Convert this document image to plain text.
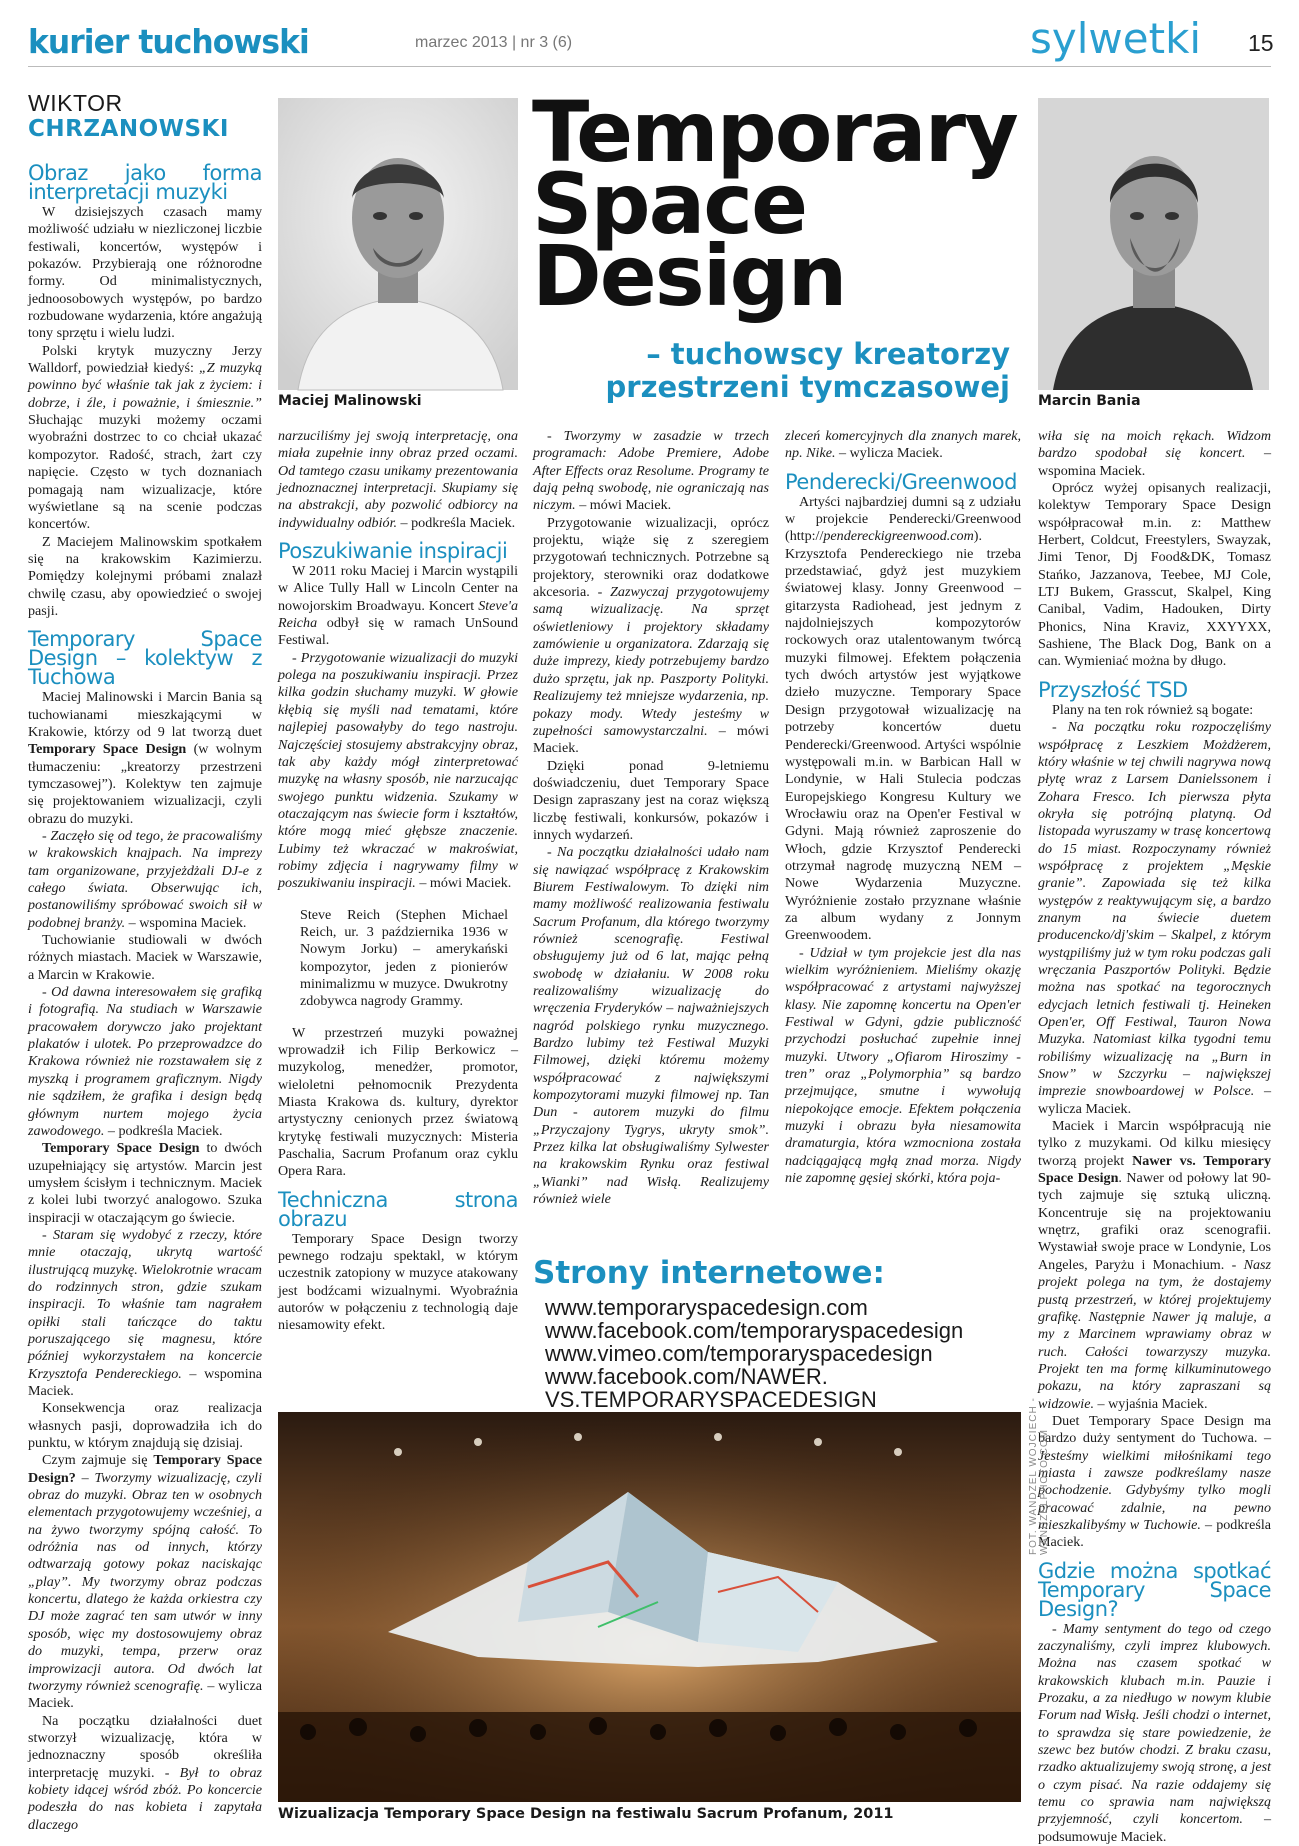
kurier tuchowski	marzec 2013 | nr 3 (6)	sylwetki 15
WIKTOR
CHRZANOWSKI
Maciej Malinowski	Marcin Bania
Temporary
Space
Design
– tuchowscy kreatorzy przestrzeni tymczasowej
Obraz jako forma interpretacji muzyki

W dzisiejszych czasach mamy możliwość udziału w niezliczonej liczbie festiwali, koncertów, występów i pokazów. Przybierają one różnorodne formy. Od minimalistycznych, jednoosobowych występów, po bardzo rozbudowane wydarzenia, które angażują tony sprzętu i wielu ludzi.

Polski krytyk muzyczny Jerzy Walldorf, powiedział kiedyś: „Z muzyką powinno być właśnie tak jak z życiem: i dobrze, i źle, i poważnie, i śmiesznie.” Słuchając muzyki możemy oczami wyobraźni dostrzec to co chciał ukazać kompozytor. Radość, strach, żart czy napięcie. Często w tych doznaniach pomagają nam wizualizacje, które wyświetlane są na scenie podczas koncertów.

Z Maciejem Malinowskim spotkałem się na krakowskim Kazimierzu. Pomiędzy kolejnymi próbami znalazł chwilę czasu, aby opowiedzieć o swojej pasji.

Temporary Space Design – kolektyw z Tuchowa

Maciej Malinowski i Marcin Bania są tuchowianami mieszkającymi w Krakowie, którzy od 9 lat tworzą duet Temporary Space Design (w wolnym tłumaczeniu: „kreatorzy przestrzeni tymczasowej”). Kolektyw ten zajmuje się projektowaniem wizualizacji, czyli obrazu do muzyki.

- Zaczęło się od tego, że pracowaliśmy w krakowskich knajpach. Na imprezy tam organizowane, przyjeżdżali DJ-e z całego świata. Obserwując ich, postanowiliśmy spróbować swoich sił w podobnej branży. – wspomina Maciek.

Tuchowianie studiowali w dwóch różnych miastach. Maciek w Warszawie, a Marcin w Krakowie.

- Od dawna interesowałem się grafiką i fotografią. Na studiach w Warszawie pracowałem dorywczo jako projektant plakatów i ulotek. Po przeprowadzce do Krakowa również nie rozstawałem się z myszką i programem graficznym. Nigdy nie sądziłem, że grafika i design będą głównym nurtem mojego życia zawodowego. – podkreśla Maciek.

Temporary Space Design to dwóch uzupełniający się artystów. Marcin jest umysłem ścisłym i technicznym. Maciek z kolei lubi tworzyć analogowo. Szuka inspiracji w otaczającym go świecie.

- Staram się wydobyć z rzeczy, które mnie otaczają, ukrytą wartość ilustrującą muzykę. Wielokrotnie wracam do rodzinnych stron, gdzie szukam inspiracji. To właśnie tam nagrałem opiłki stali tańczące do taktu poruszającego się magnesu, które później wykorzystałem na koncercie Krzysztofa Pendereckiego. – wspomina Maciek.

Konsekwencja oraz realizacja własnych pasji, doprowadziła ich do punktu, w którym znajdują się dzisiaj.

Czym zajmuje się Temporary Space Design? – Tworzymy wizualizację, czyli obraz do muzyki. Obraz ten w osobnych elementach przygotowujemy wcześniej, a na żywo tworzymy spójną całość. To odróżnia nas od innych, którzy odtwarzają gotowy pokaz naciskając „play”. My tworzymy obraz podczas koncertu, dlatego że każda orkiestra czy DJ może zagrać ten sam utwór w inny sposób, więc my dostosowujemy obraz do muzyki, tempa, przerw oraz improwizacji autora. Od dwóch lat tworzymy również scenografię. – wylicza Maciek.

Na początku działalności duet stworzył wizualizację, która w jednoznaczny sposób określiła interpretację muzyki. - Był to obraz kobiety idącej wśród zbóż. Po koncercie podeszła do nas kobieta i zapytała dlaczego

narzuciliśmy jej swoją interpretację, ona miała zupełnie inny obraz przed oczami. Od tamtego czasu unikamy prezentowania jednoznacznej interpretacji. Skupiamy się na abstrakcji, aby pozwolić odbiorcy na indywidualny odbiór. – podkreśla Maciek.

Poszukiwanie inspiracji

W 2011 roku Maciej i Marcin wystąpili w Alice Tully Hall w Lincoln Center na nowojorskim Broadwayu. Koncert Steve'a Reicha odbył się w ramach UnSound Festiwal.

- Przygotowanie wizualizacji do muzyki polega na poszukiwaniu inspiracji. Przez kilka godzin słuchamy muzyki. W głowie kłębią się myśli nad tematami, które najlepiej pasowałyby do tego nastroju. Najczęściej stosujemy abstrakcyjny obraz, tak aby każdy mógł zinterpretować muzykę na własny sposób, nie narzucając swojego punktu widzenia. Szukamy w otaczającym nas świecie form i kształtów, które mogą mieć głębsze znaczenie. Lubimy też wkraczać w makroświat, robimy zdjęcia i nagrywamy filmy w poszukiwaniu inspiracji. – mówi Maciek.

Steve Reich (Stephen Michael Reich, ur. 3 października 1936 w Nowym Jorku) – amerykański kompozytor, jeden z pionierów minimalizmu w muzyce. Dwukrotny zdobywca nagrody Grammy.

W przestrzeń muzyki poważnej wprowadził ich Filip Berkowicz – muzykolog, menedżer, promotor, wieloletni pełnomocnik Prezydenta Miasta Krakowa ds. kultury, dyrektor artystyczny cenionych przez światową krytykę festiwali muzycznych: Misteria Paschalia, Sacrum Profanum oraz cyklu Opera Rara.

Techniczna strona obrazu

Temporary Space Design tworzy pewnego rodzaju spektakl, w którym uczestnik zatopiony w muzyce atakowany jest bodźcami wizualnymi. Wyobraźnia autorów w połączeniu z technologią daje niesamowity efekt.

- Tworzymy w zasadzie w trzech programach: Adobe Premiere, Adobe After Effects oraz Resolume. Programy te dają pełną swobodę, nie ograniczają nas niczym. – mówi Maciek.

Przygotowanie wizualizacji, oprócz projektu, wiąże się z szeregiem przygotowań technicznych. Potrzebne są projektory, sterowniki oraz dodatkowe akcesoria. - Zazwyczaj przygotowujemy samą wizualizację. Na sprzęt oświetleniowy i projektory składamy zamówienie u organizatora. Zdarzają się duże imprezy, kiedy potrzebujemy bardzo dużo sprzętu, jak np. Paszporty Polityki. Realizujemy też mniejsze wydarzenia, np. pokazy mody. Wtedy jesteśmy w zupełności samowystarczalni. – mówi Maciek.

Dzięki ponad 9-letniemu doświadczeniu, duet Temporary Space Design zapraszany jest na coraz większą liczbę festiwali, konkursów, pokazów i innych wydarzeń.

- Na początku działalności udało nam się nawiązać współpracę z Krakowskim Biurem Festiwalowym. To dzięki nim mamy możliwość realizowania festiwalu Sacrum Profanum, dla którego tworzymy również scenografię. Festiwal obsługujemy już od 6 lat, mając pełną swobodę w działaniu. W 2008 roku realizowaliśmy wizualizację do wręczenia Fryderyków – najważniejszych nagród polskiego rynku muzycznego. Bardzo lubimy też Festiwal Muzyki Filmowej, dzięki któremu możemy współpracować z największymi kompozytorami muzyki filmowej np. Tan Dun - autorem muzyki do filmu „Przyczajony Tygrys, ukryty smok”. Przez kilka lat obsługiwaliśmy Sylwester na krakowskim Rynku oraz festiwal „Wianki” nad Wisłą. Realizujemy również wiele

zleceń komercyjnych dla znanych marek, np. Nike. – wylicza Maciek.

Penderecki/Greenwood

Artyści najbardziej dumni są z udziału w projekcie Penderecki/Greenwood (http://pendereckigreenwood.com). Krzysztofa Pendereckiego nie trzeba przedstawiać, gdyż jest muzykiem światowej klasy. Jonny Greenwood – gitarzysta Radiohead, jest jednym z najdolniejszych kompozytorów rockowych oraz utalentowanym twórcą muzyki filmowej. Efektem połączenia tych dwóch artystów jest wyjątkowe dzieło muzyczne. Temporary Space Design przygotował wizualizację na potrzeby koncertów duetu Penderecki/Greenwood. Artyści wspólnie występowali m.in. w Barbican Hall w Londynie, w Hali Stulecia podczas Europejskiego Kongresu Kultury we Wrocławiu oraz na Open'er Festival w Gdyni. Mają również zaproszenie do Włoch, gdzie Krzysztof Penderecki otrzymał nagrodę muzyczną NEM – Nowe Wydarzenia Muzyczne. Wyróżnienie zostało przyznane właśnie za album wydany z Jonnym Greenwoodem.

- Udział w tym projekcie jest dla nas wielkim wyróżnieniem. Mieliśmy okazję współpracować z artystami najwyższej klasy. Nie zapomnę koncertu na Open'er Festiwal w Gdyni, gdzie publiczność przychodzi posłuchać zupełnie innej muzyki. Utwory „Ofiarom Hiroszimy - tren” oraz „Polymorphia” są bardzo przejmujące, smutne i wywołują niepokojące emocje. Efektem połączenia muzyki i obrazu była niesamowita dramaturgia, która wzmocniona została nadciągającą mgłą znad morza. Nigdy nie zapomnę gęsiej skórki, która poja-

wiła się na moich rękach. Widzom bardzo spodobał się koncert. – wspomina Maciek.

Oprócz wyżej opisanych realizacji, kolektyw Temporary Space Design współpracował m.in. z: Matthew Herbert, Coldcut, Freestylers, Swayzak, Jimi Tenor, Dj Food&DK, Tomasz Stańko, Jazzanova, Teebee, MJ Cole, LTJ Bukem, Grasscut, Skalpel, King Canibal, Vadim, Hadouken, Dirty Phonics, Nina Kraviz, XXYYXX, Sashiene, The Black Dog, Bank on a can. Wymieniać można by długo.

Przyszłość TSD

Plany na ten rok również są bogate:

- Na początku roku rozpoczęliśmy współpracę z Leszkiem Możdżerem, który właśnie w tej chwili nagrywa nową płytę wraz z Larsem Danielssonem i Zohara Fresco. Ich pierwsza płyta okryła się potrójną platyną. Od listopada wyruszamy w trasę koncertową do 15 miast. Rozpoczynamy również współpracę z projektem „Męskie granie”. Zapowiada się też kilka występów z reaktywującym się, a bardzo znanym na świecie duetem producencko/dj'skim – Skalpel, z którym wystąpiliśmy już w tym roku podczas gali wręczania Paszportów Polityki. Będzie można nas spotkać na tegorocznych edycjach letnich festiwali tj. Heineken Open'er, Off Festiwal, Tauron Nowa Muzyka. Natomiast kilka tygodni temu robiliśmy wizualizację na „Burn in Snow” w Szczyrku – największej imprezie snowboardowej w Polsce. – wylicza Maciek.

Maciek i Marcin współpracują nie tylko z muzykami. Od kilku miesięcy tworzą projekt Nawer vs. Temporary Space Design. Nawer od połowy lat 90-tych zajmuje się sztuką uliczną. Koncentruje się na projektowaniu wnętrz, grafiki oraz scenografii. Wystawiał swoje prace w Londynie, Los Angeles, Paryżu i Monachium. - Nasz projekt polega na tym, że dostajemy pustą przestrzeń, w której projektujemy grafikę. Następnie Nawer ją maluje, a my z Marcinem wprawiamy obraz w ruch. Całości towarzyszy muzyka. Projekt ten ma formę kilkuminutowego pokazu, na który zapraszani są widzowie. – wyjaśnia Maciek.

Duet Temporary Space Design ma bardzo duży sentyment do Tuchowa. – Jesteśmy wielkimi miłośnikami tego miasta i zawsze podkreślamy nasze pochodzenie. Gdybyśmy tylko mogli pracować zdalnie, na pewno mieszkalibyśmy w Tuchowie. – podkreśla Maciek.

Gdzie można spotkać Temporary Space Design?

- Mamy sentyment do tego od czego zaczynaliśmy, czyli imprez klubowych. Można nas czasem spotkać w krakowskich klubach m.in. Pauzie i Prozaku, a za niedługo w nowym klubie Forum nad Wisłą. Jeśli chodzi o internet, to sprawdza się stare powiedzenie, że szewc bez butów chodzi. Z braku czasu, rzadko aktualizujemy swoją stronę, a jest o czym pisać. Na razie oddajemy się temu co sprawia nam największą przyjemność, czyli koncertom. – podsumowuje Maciek.

Strony internetowe:
www.temporaryspacedesign.com
www.facebook.com/temporaryspacedesign
www.vimeo.com/temporaryspacedesign
www.facebook.com/NAWER.
VS.TEMPORARYSPACEDESIGN
Wizualizacja Temporary Space Design na festiwalu Sacrum Profanum, 2011
FOT. WANDZEL WOJCIECH - WANDZELPHOTO.COM
